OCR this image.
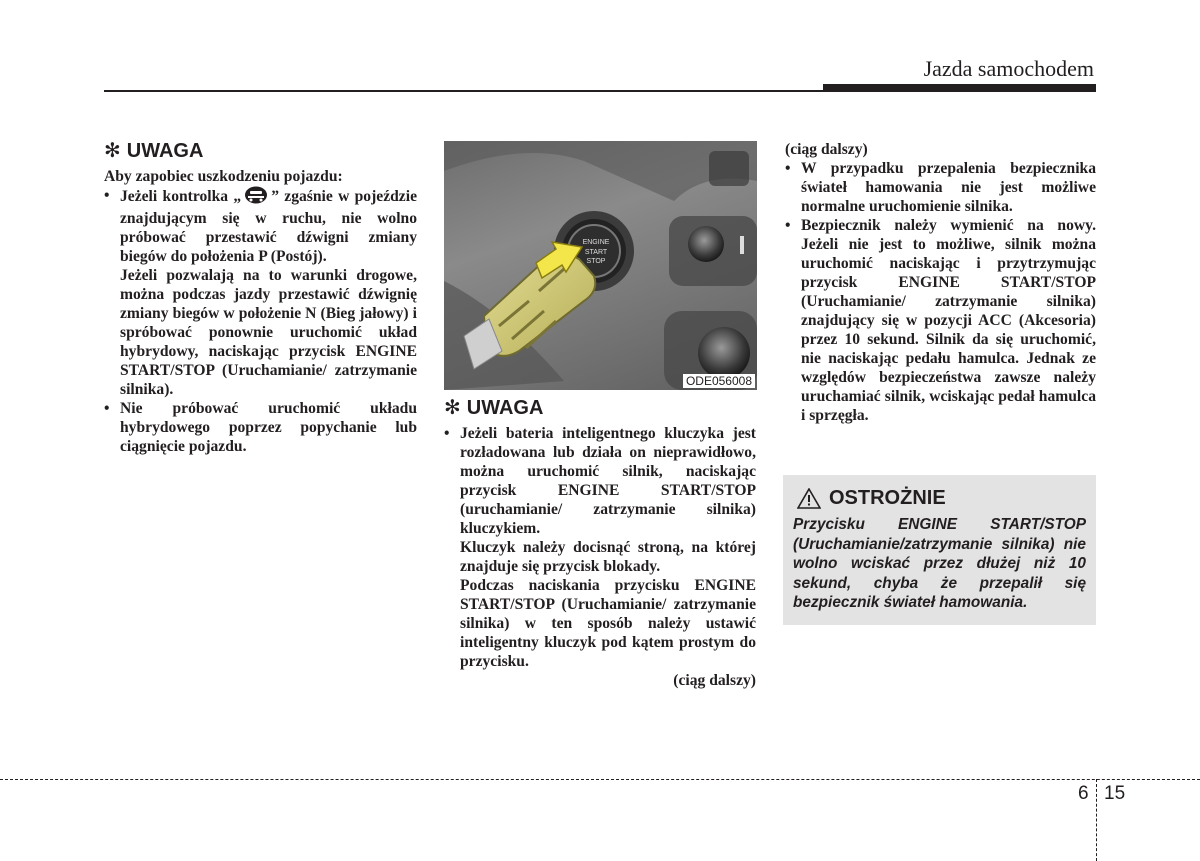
Jazda samochodem
✻ UWAGA

Aby zapobiec uszkodzeniu pojazdu:

• Jeżeli kontrolka „ ” zgaśnie w pojeździe znajdującym się w ruchu, nie wolno próbować przestawić dźwigni zmiany biegów do położenia P (Postój).

Jeżeli pozwalają na to warunki drogowe, można podczas jazdy przestawić dźwignię zmiany biegów w położenie N (Bieg jałowy) i spróbować ponownie uruchomić układ hybrydowy, naciskając przycisk ENGINE START/STOP (Uruchamianie/ zatrzymanie silnika).

• Nie próbować uruchomić układu hybrydowego poprzez popychanie lub ciągnięcie pojazdu.

ENGINE
START
STOP
ODE056008
✻ UWAGA
• Jeżeli bateria inteligentnego kluczyka jest rozładowana lub działa on nieprawidłowo, można uruchomić silnik, naciskając przycisk ENGINE START/STOP (uruchamianie/ zatrzymanie silnika) kluczykiem.

Kluczyk należy docisnąć stroną, na której znajduje się przycisk blokady.

Podczas naciskania przycisku ENGINE START/STOP (Uruchamianie/ zatrzymanie silnika) w ten sposób należy ustawić inteligentny kluczyk pod kątem prostym do przycisku.

(ciąg dalszy)

(ciąg dalszy)

• W przypadku przepalenia bezpiecznika świateł hamowania nie jest możliwe normalne uruchomienie silnika.

• Bezpiecznik należy wymienić na nowy. Jeżeli nie jest to możliwe, silnik można uruchomić naciskając i przytrzymując przycisk ENGINE START/STOP (Uruchamianie/ zatrzymanie silnika) znajdujący się w pozycji ACC (Akcesoria) przez 10 sekund. Silnik da się uruchomić, nie naciskając pedału hamulca. Jednak ze względów bezpieczeństwa zawsze należy uruchamiać silnik, wciskając pedał hamulca i sprzęgła.

OSTROŻNIE
Przycisku ENGINE START/STOP (Uruchamianie/zatrzymanie silnika) nie wolno wciskać przez dłużej niż 10 sekund, chyba że przepalił się bezpiecznik świateł hamowania.
6 15
